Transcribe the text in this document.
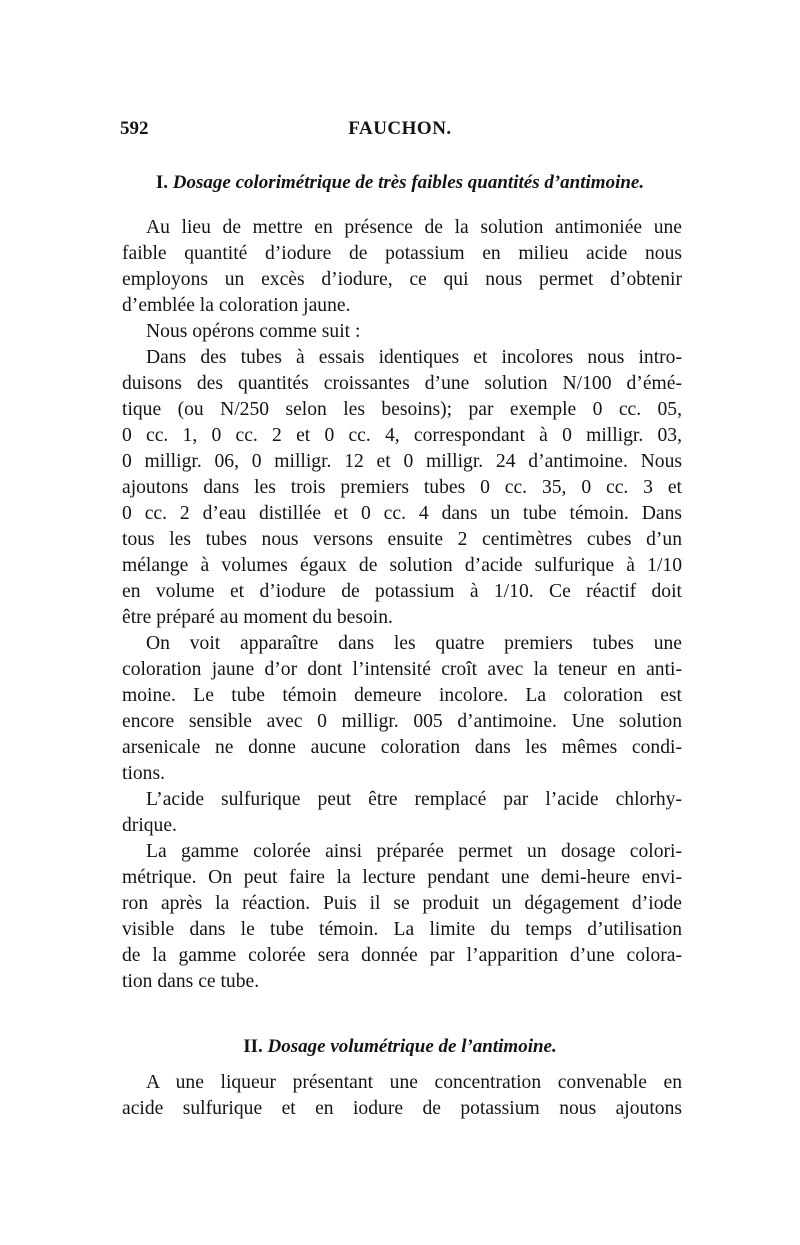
592	FAUCHON.
I. Dosage colorimétrique de très faibles quantités d’antimoine.
Au lieu de mettre en présence de la solution antimoniée une
faible quantité d’iodure de potassium en milieu acide nous
employons un excès d’iodure, ce qui nous permet d’obtenir
d’emblée la coloration jaune.
Nous opérons comme suit :
Dans des tubes à essais identiques et incolores nous intro-
duisons des quantités croissantes d’une solution N/100 d’émé-
tique (ou N/250 selon les besoins); par exemple 0 cc. 05,
0 cc. 1, 0 cc. 2 et 0 cc. 4, correspondant à 0 milligr. 03,
0 milligr. 06, 0 milligr. 12 et 0 milligr. 24 d’antimoine. Nous
ajoutons dans les trois premiers tubes 0 cc. 35, 0 cc. 3 et
0 cc. 2 d’eau distillée et 0 cc. 4 dans un tube témoin. Dans
tous les tubes nous versons ensuite 2 centimètres cubes d’un
mélange à volumes égaux de solution d’acide sulfurique à 1/10
en volume et d’iodure de potassium à 1/10. Ce réactif doit
être préparé au moment du besoin.
On voit apparaître dans les quatre premiers tubes une
coloration jaune d’or dont l’intensité croît avec la teneur en anti-
moine. Le tube témoin demeure incolore. La coloration est
encore sensible avec 0 milligr. 005 d’antimoine. Une solution
arsenicale ne donne aucune coloration dans les mêmes condi-
tions.
L’acide sulfurique peut être remplacé par l’acide chlorhy-
drique.
La gamme colorée ainsi préparée permet un dosage colori-
métrique. On peut faire la lecture pendant une demi-heure envi-
ron après la réaction. Puis il se produit un dégagement d’iode
visible dans le tube témoin. La limite du temps d’utilisation
de la gamme colorée sera donnée par l’apparition d’une colora-
tion dans ce tube.
II. Dosage volumétrique de l’antimoine.
A une liqueur présentant une concentration convenable en
acide sulfurique et en iodure de potassium nous ajoutons
